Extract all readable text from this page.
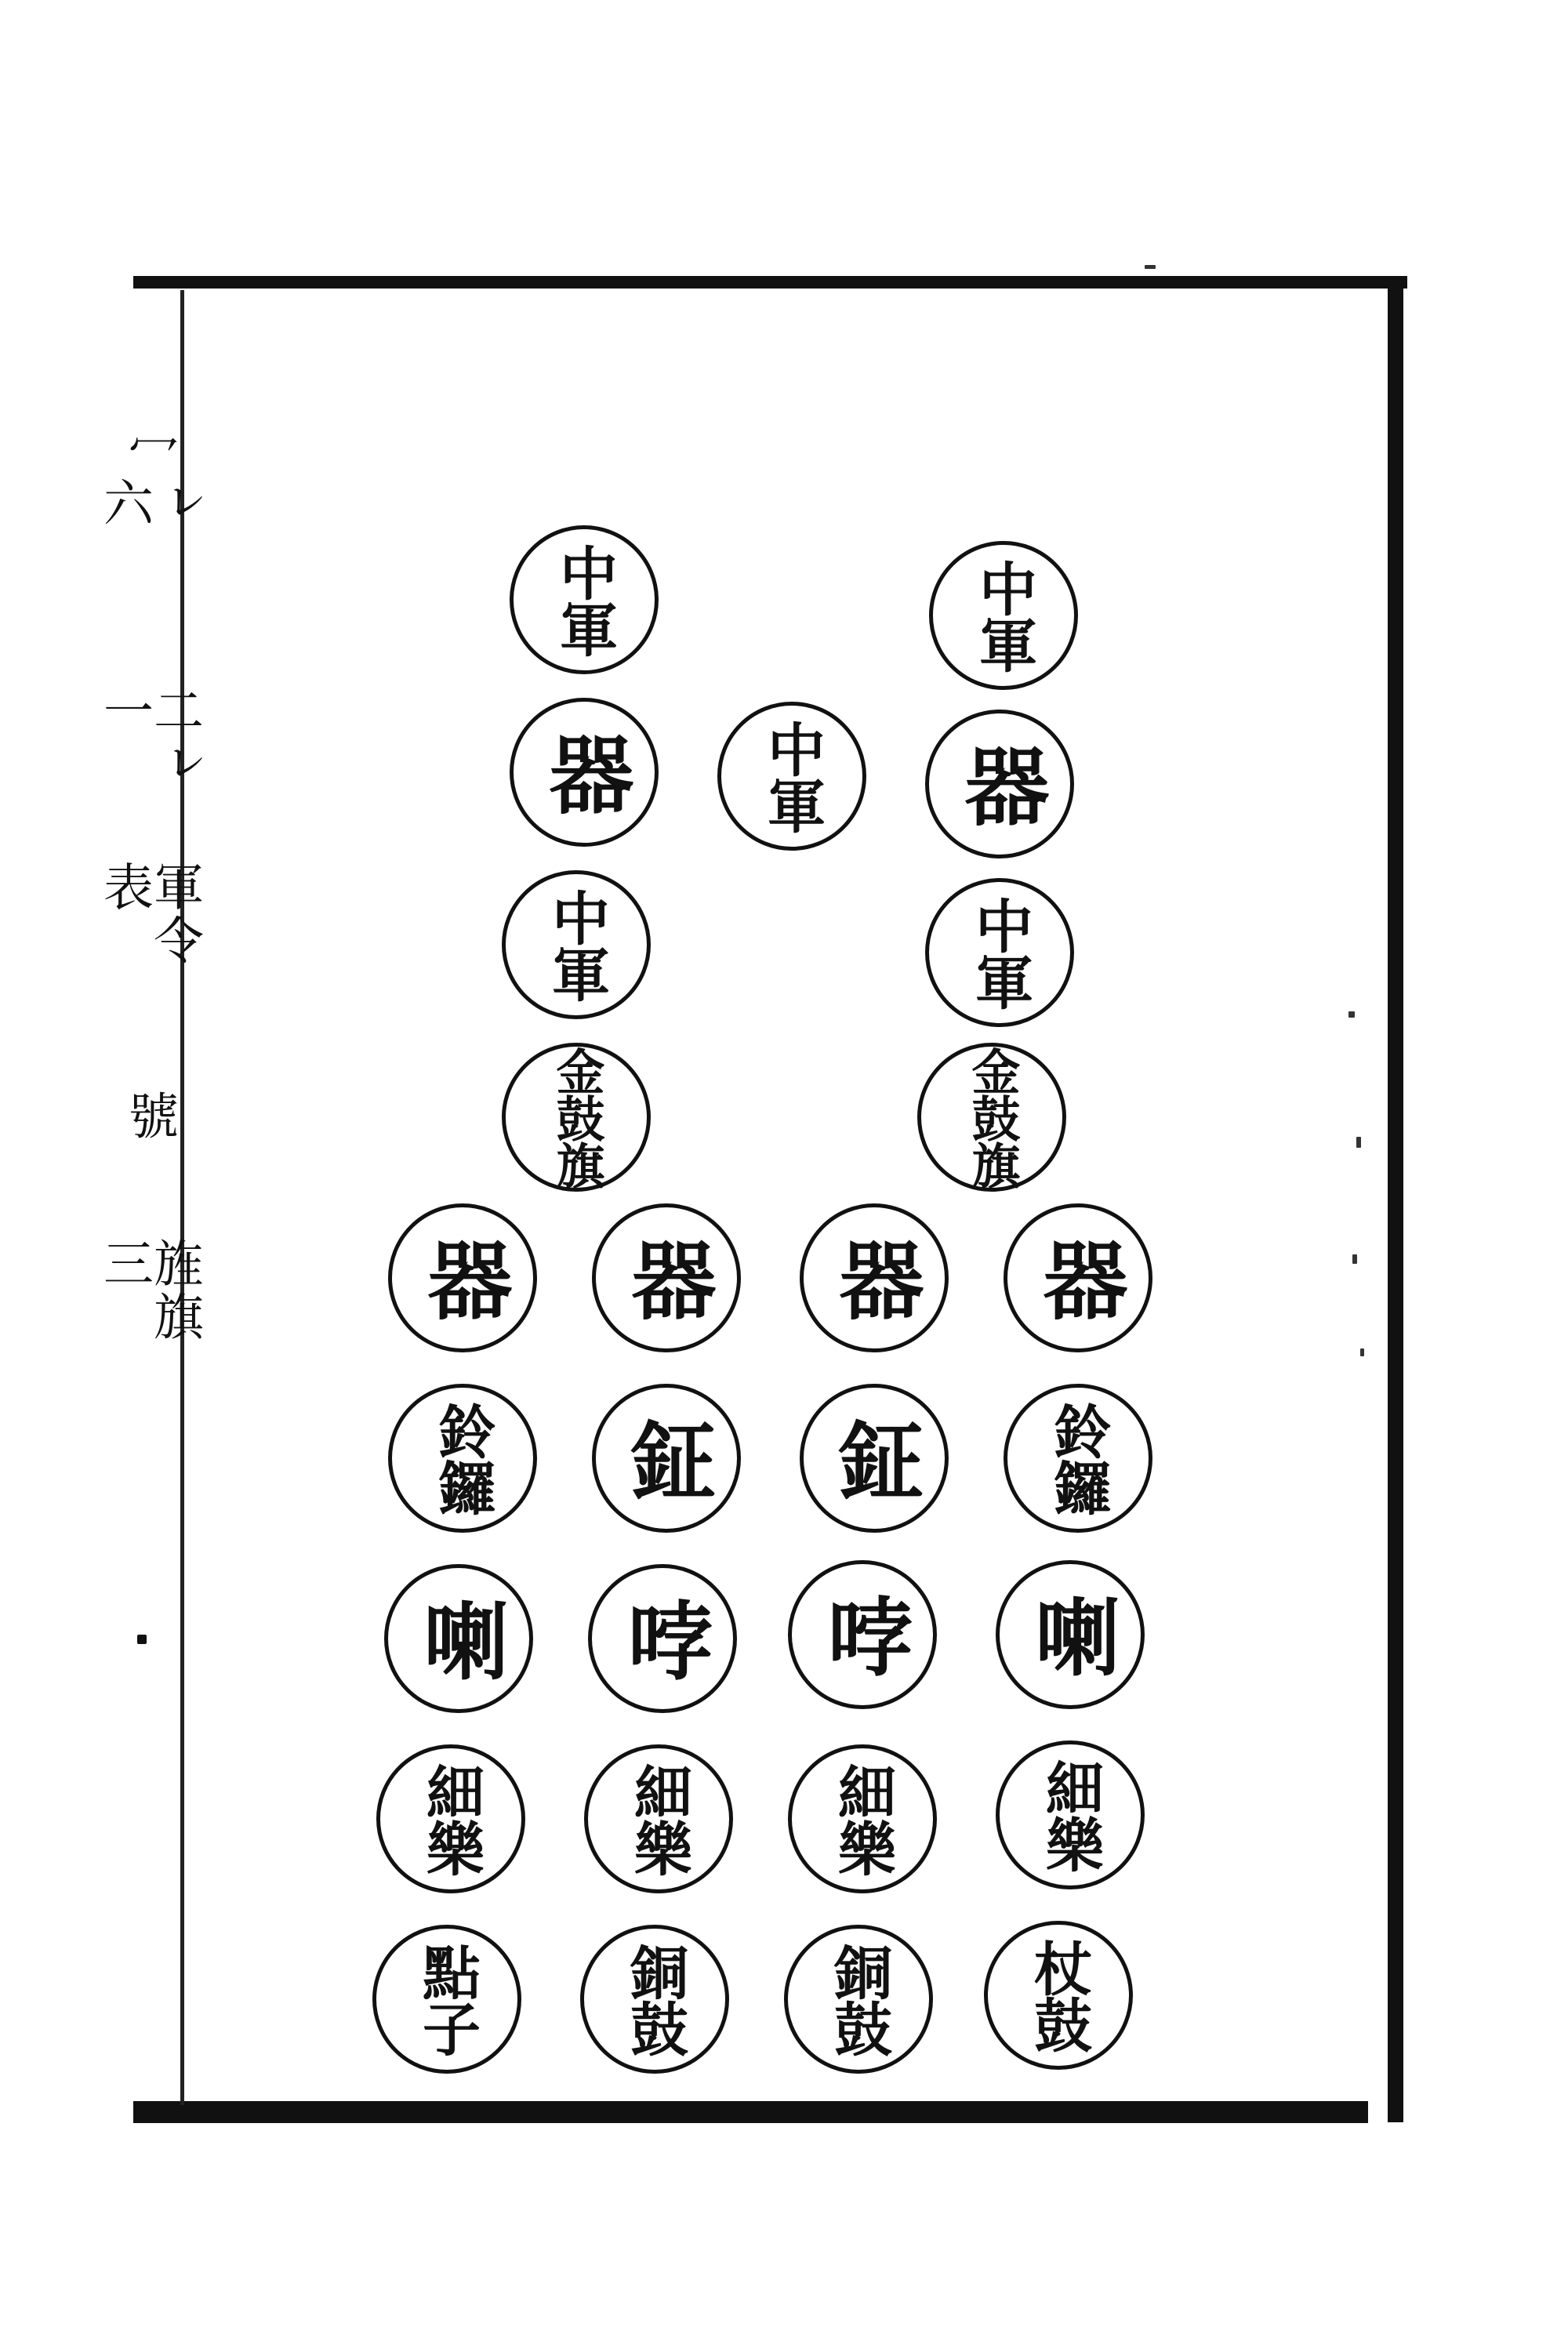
冖
ㇾ六
二ㇾ 一
軍令表
號
旌旗三
中軍
器
中軍
金鼓旗
中軍
中軍
器
中軍
金鼓旗
器 器 器 器
鈴鑼 鉦 鉦 鈴鑼
喇 哱 哱 喇
細樂 細樂 細樂 細樂
點子 銅鼓 銅鼓 杖鼓
